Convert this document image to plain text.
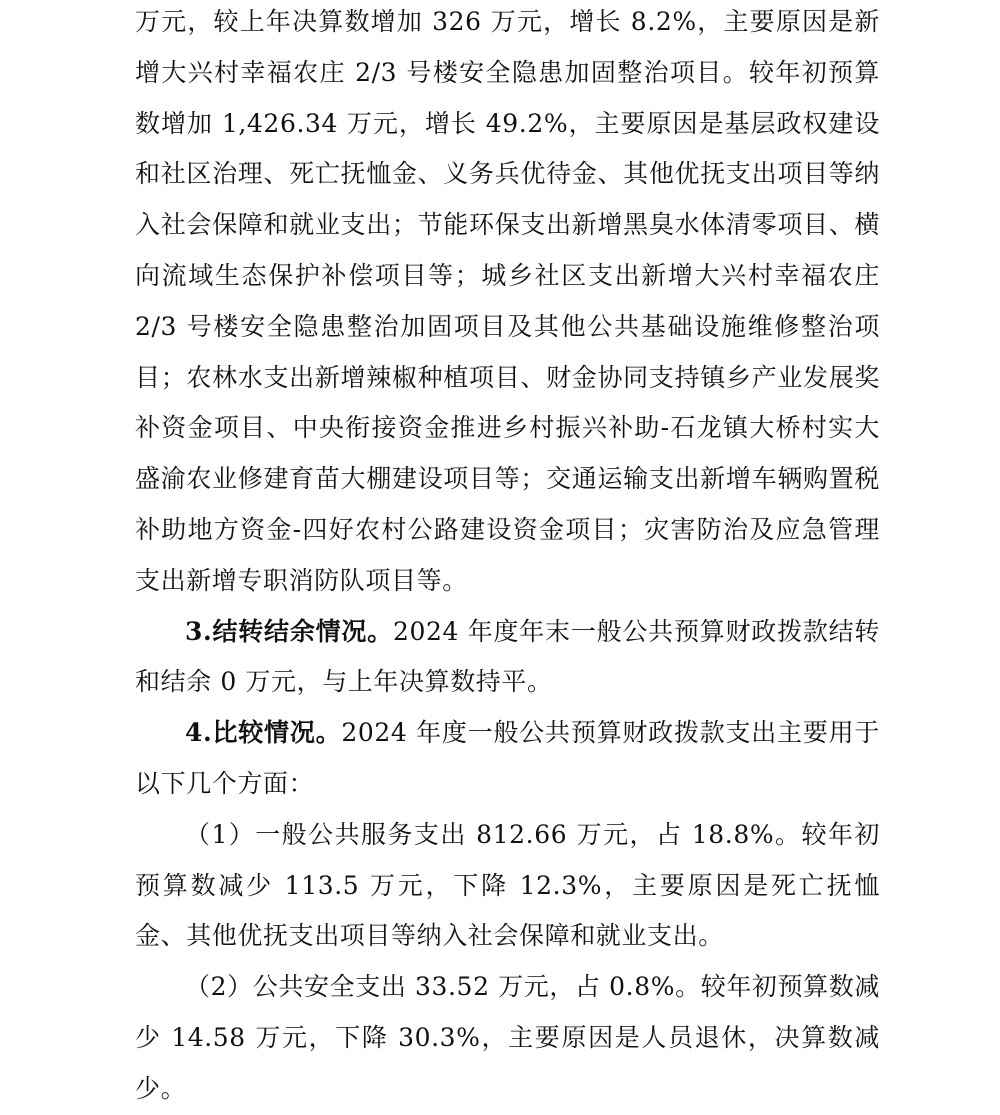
万元，较上年决算数增加 326 万元，增长 8.2%，主要原因是新增大兴村幸福农庄 2/3 号楼安全隐患加固整治项目。较年初预算数增加 1,426.34 万元，增长 49.2%，主要原因是基层政权建设和社区治理、死亡抚恤金、义务兵优待金、其他优抚支出项目等纳入社会保障和就业支出；节能环保支出新增黑臭水体清零项目、横向流域生态保护补偿项目等；城乡社区支出新增大兴村幸福农庄 2/3 号楼安全隐患整治加固项目及其他公共基础设施维修整治项目；农林水支出新增辣椒种植项目、财金协同支持镇乡产业发展奖补资金项目、中央衔接资金推进乡村振兴补助-石龙镇大桥村实大盛渝农业修建育苗大棚建设项目等；交通运输支出新增车辆购置税补助地方资金-四好农村公路建设资金项目；灾害防治及应急管理支出新增专职消防队项目等。

3.结转结余情况。2024 年度年末一般公共预算财政拨款结转和结余 0 万元，与上年决算数持平。

4.比较情况。2024 年度一般公共预算财政拨款支出主要用于以下几个方面：

（1）一般公共服务支出 812.66 万元，占 18.8%。较年初预算数减少 113.5 万元，下降 12.3%，主要原因是死亡抚恤金、其他优抚支出项目等纳入社会保障和就业支出。

（2）公共安全支出 33.52 万元，占 0.8%。较年初预算数减少 14.58 万元，下降 30.3%，主要原因是人员退休，决算数减少。
